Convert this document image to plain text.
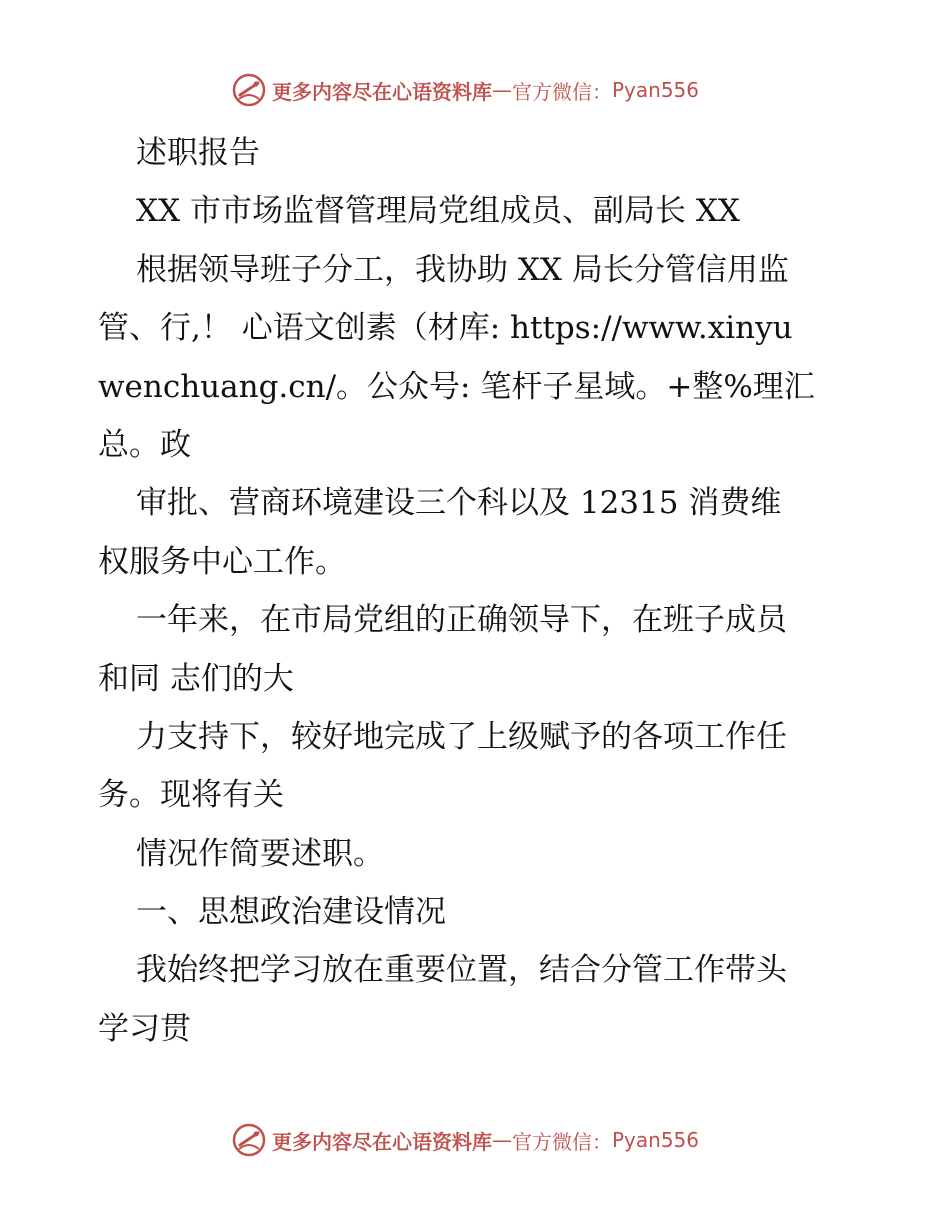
更多内容尽在心语资料库 — 官方微信： Pyan556
述职报告
XX 市市场监督管理局党组成员、副局长 XX
根据领导班子分工，我协助 XX 局长分管信用监
管、行,！ 心语文创素（材库: https://www.xinyu
wenchuang.cn/。公众号: 笔杆子星域。+整%理汇
总。政
审批、营商环境建设三个科以及 12315 消费维
权服务中心工作。
一年来，在市局党组的正确领导下，在班子成员
和同 志们的大
力支持下，较好地完成了上级赋予的各项工作任
务。现将有关
情况作简要述职。
一、思想政治建设情况
我始终把学习放在重要位置，结合分管工作带头
学习贯
更多内容尽在心语资料库 — 官方微信： Pyan556
